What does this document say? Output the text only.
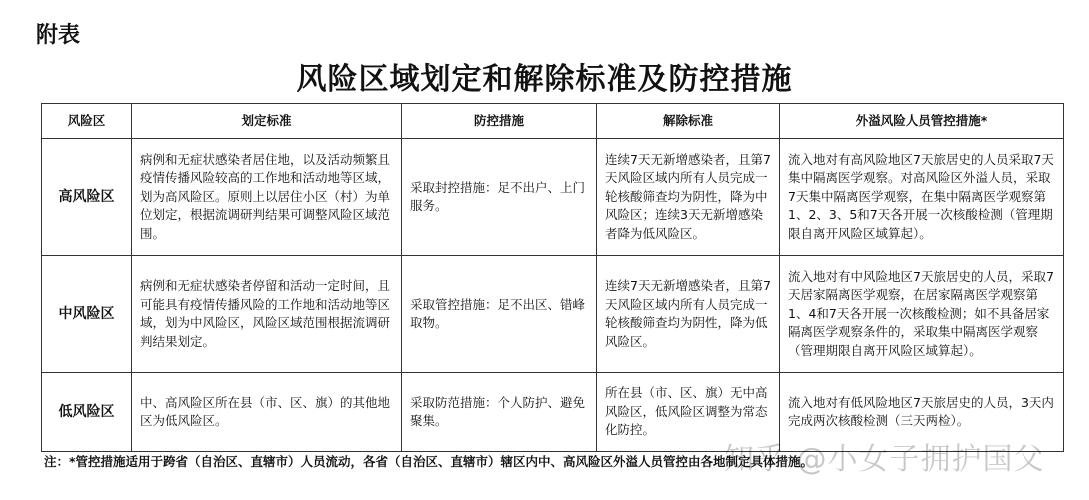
附表
风险区域划定和解除标准及防控措施
风险区	划定标准	防控措施	解除标准	外溢风险人员管控措施*
高风险区	病例和无症状感染者居住地，以及活动频繁且疫情传播风险较高的工作地和活动地等区域，划为高风险区。原则上以居住小区（村）为单位划定，根据流调研判结果可调整风险区域范围。	采取封控措施：足不出户、上门服务。	连续7天无新增感染者，且第7天风险区域内所有人员完成一轮核酸筛查均为阴性，降为中风险区；连续3天无新增感染者降为低风险区。	流入地对有高风险地区7天旅居史的人员采取7天集中隔离医学观察。对高风险区外溢人员，采取7天集中隔离医学观察，在集中隔离医学观察第1、2、3、5和7天各开展一次核酸检测（管理期限自离开风险区域算起）。
中风险区	病例和无症状感染者停留和活动一定时间，且可能具有疫情传播风险的工作地和活动地等区域，划为中风险区，风险区域范围根据流调研判结果划定。	采取管控措施：足不出区、错峰取物。	连续7天无新增感染者，且第7天风险区域内所有人员完成一轮核酸筛查均为阴性，降为低风险区。	流入地对有中风险地区7天旅居史的人员，采取7天居家隔离医学观察，在居家隔离医学观察第1、4和7天各开展一次核酸检测；如不具备居家隔离医学观察条件的，采取集中隔离医学观察（管理期限自离开风险区域算起）。
低风险区	中、高风险区所在县（市、区、旗）的其他地区为低风险区。	采取防范措施：个人防护、避免聚集。	所在县（市、区、旗）无中高风险区，低风险区调整为常态化防控。	流入地对有低风险地区7天旅居史的人员，3天内完成两次核酸检测（三天两检）。
注：*管控措施适用于跨省（自治区、直辖市）人员流动，各省（自治区、直辖市）辖区内中、高风险区外溢人员管控由各地制定具体措施。
知乎 @小女子拥护国父
